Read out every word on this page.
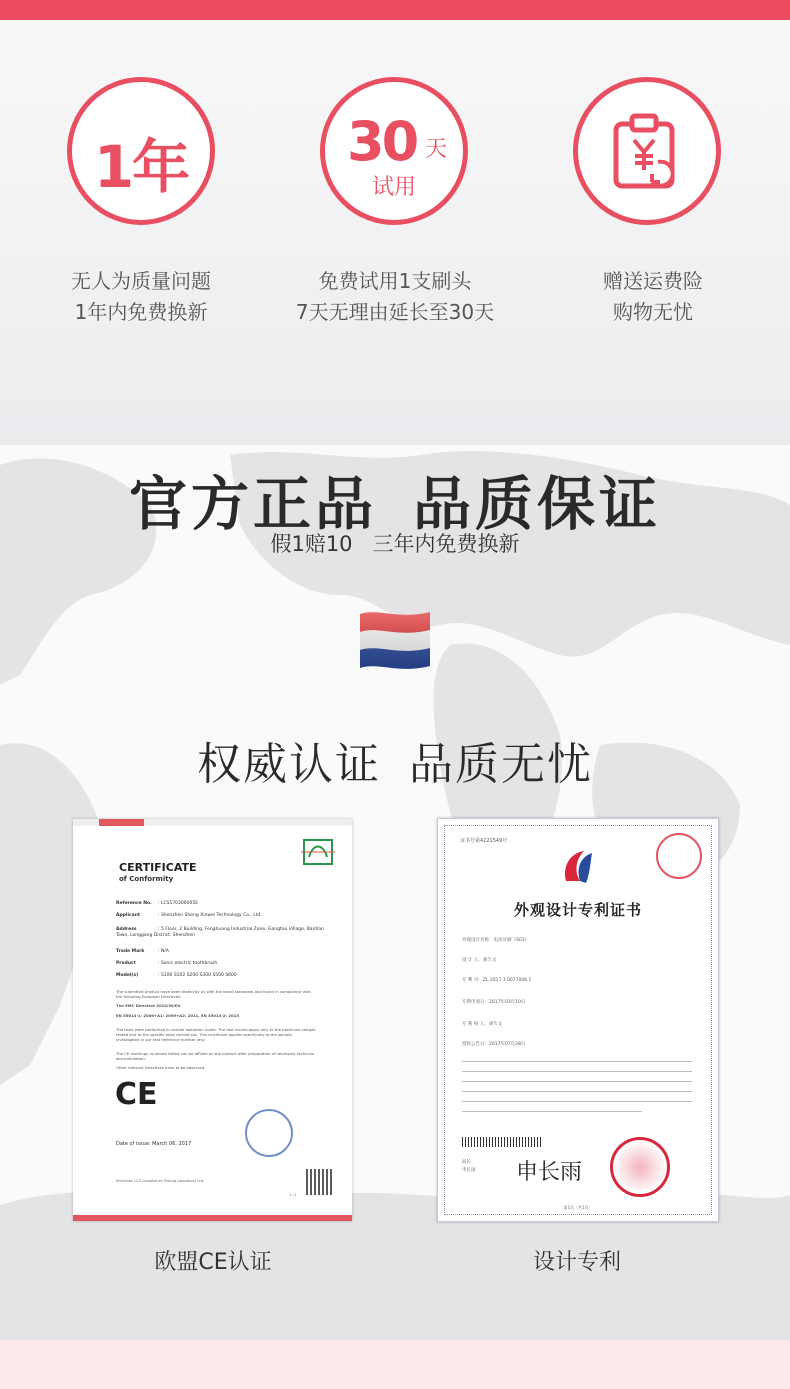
1年	30 天
试用
无人为质量问题
1年内免费换新
免费试用1支刷头
7天无理由延长至30天
赠送运费险
购物无忧
官方正品 品质保证
假1赔10 三年内免费换新
权威认证 品质无忧
CERTIFICATE
of Conformity
Reference No. : LCS170306005E
Applicant	: Shenzhen Sheng Xinwei Technology Co., Ltd.
Address	: 5 Floor, 2 Building, Fenghuang Industrial Zone, Gangtou Village, Bantian Town, Longgang District, Shenzhen
Trade Mark	: N/A
Product	: Sonic electric toothbrush
Model(s)	: S100 S102 S200 S300 S500 S600
The submitted product have been tested by us with the listed standards and found in compliance with the following European Directives:
The EMC Directive 2014/30/EU
EN 55014-1: 2006+A1: 2009+A2: 2011, EN 55014-2: 2015
The tests were performed in normal operation mode. The test results apply only to the particular sample tested and to the specific tests carried out. This certificate applies specifically to the sample investigated in our test reference number only.
The CE markings as shown below can be affixed on the product after preparation of necessary technical documentation.
Other relevant Directives have to be observed.
CE
Date of issue: March 06, 2017
Shenzhen LCS Compliance Testing Laboratory Ltd.
1 / 1
证书号第4221549号
外观设计专利证书
外观设计名称：电动牙刷（S03）
设 计 人：胡久文
专 利 号：ZL 2017 3 0077006.1
专利申请日：2017年03月10日
专 利 权 人：胡久文
授权公告日：2017年07月28日
局长
申长雨 申长雨
第1页（共1页）
欧盟CE认证	设计专利
